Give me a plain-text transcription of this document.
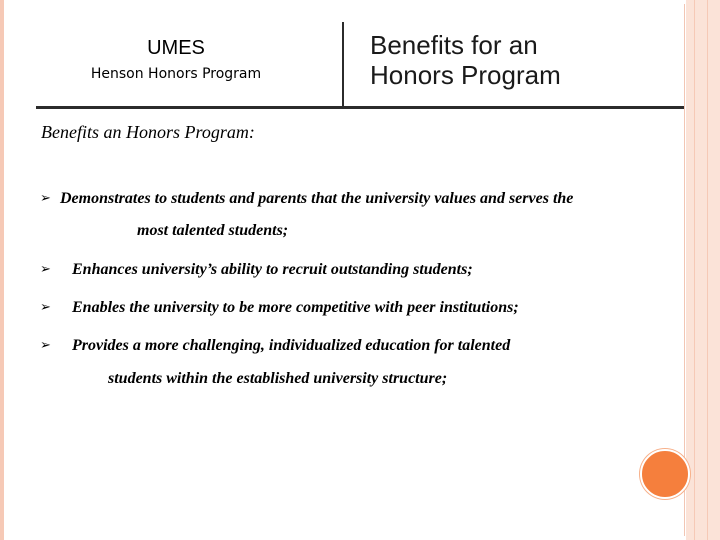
UMES
Henson Honors Program
Benefits for an
Honors Program
Benefits an Honors Program:
➢ Demonstrates to students and parents that the university values and serves the
most talented students;
➢ Enhances university’s ability to recruit outstanding students;
➢ Enables the university to be more competitive with peer institutions;
➢ Provides a more challenging, individualized education for talented
students within the established university structure;
